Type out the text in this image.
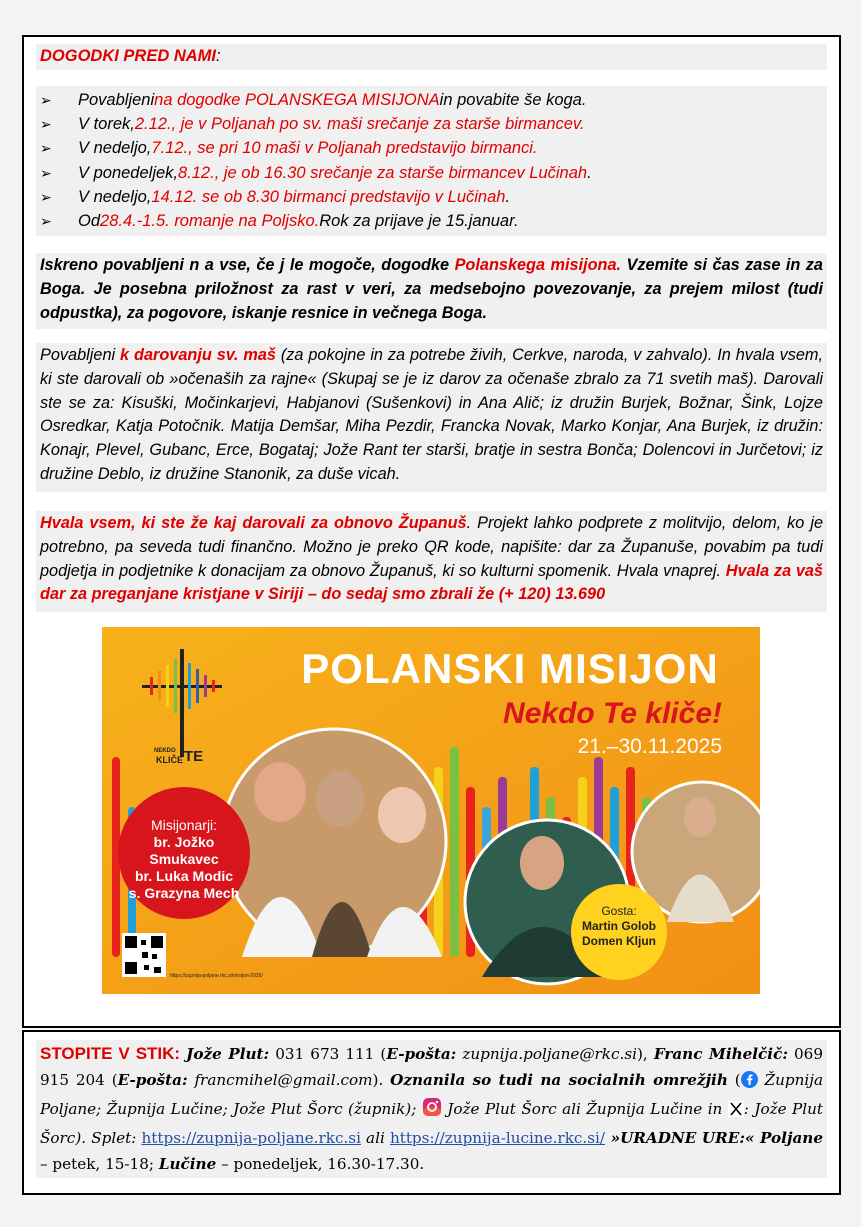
DOGODKI PRED NAMI:
➢	Povabljeni na dogodke POLANSKEGA MISIJONA in povabite še koga.
➢	V torek, 2.12., je v Poljanah po sv. maši srečanje za starše birmancev.
➢	V nedeljo, 7.12., se pri 10 maši v Poljanah predstavijo birmanci.
➢	V ponedeljek, 8.12., je ob 16.30 srečanje za starše birmancev Lučinah .
➢	V nedeljo, 14.12. se ob 8.30 birmanci predstavijo v Lučinah .
➢	Od 28.4.-1.5. romanje na Poljsko. Rok za prijave je 15.januar.
Iskreno povabljeni n a vse, če j le mogoče, dogodke Polanskega misijona. Vzemite si čas zase in za Boga. Je posebna priložnost za rast v veri, za medsebojno povezovanje, za prejem milost (tudi odpustka), za pogovore, iskanje resnice in večnega Boga.
Povabljeni k darovanju sv. maš (za pokojne in za potrebe živih, Cerkve, naroda, v zahvalo). In hvala vsem, ki ste darovali ob »očenaših za rajne« (Skupaj se je iz darov za očenaše zbralo za 71 svetih maš). Darovali ste se za: Kisuški, Močinkarjevi, Habjanovi (Sušenkovi) in Ana Alič; iz družin Burjek, Božnar, Šink, Lojze Osredkar, Katja Potočnik. Matija Demšar, Miha Pezdir, Francka Novak, Marko Konjar, Ana Burjek, iz družin: Konajr, Plevel, Gubanc, Erce, Bogataj; Jože Rant ter starši, bratje in sestra Bonča; Dolencovi in Jurčetovi; iz družine Deblo, iz družine Stanonik, za duše vicah.
Hvala vsem, ki ste že kaj darovali za obnovo Županuš. Projekt lahko podprete z molitvijo, delom, ko je potrebno, pa seveda tudi finančno. Možno je preko QR kode, napišite: dar za Županuše, povabim pa tudi podjetja in podjetnike k donacijam za obnovo Županuš, ki so kulturni spomenik. Hvala vnaprej. Hvala za vaš dar za preganjane kristjane v Siriji – do sedaj smo zbrali že (+ 120) 13.690
POLANSKI MISIJON
Nekdo Te kliče!
21.–30.11.2025
NEKDO
KLIČE TE
Misijonarji:
br. Jožko Smukavec
br. Luka Modic
s. Grazyna Mech
Gosta:
Martin Golob
Domen Kljun
https://zupnija-poljane.rkc.si/misijon-2025/
STOPITE V STIK: Jože Plut: 031 673 111 (E-pošta: zupnija.poljane@rkc.si), Franc Mihelčič: 069 915 204 (E-pošta: francmihel@gmail.com). Oznanila so tudi na socialnih omrežjih ( Župnija Poljane; Župnija Lučine; Jože Plut Šorc (župnik);  Jože Plut Šorc ali Župnija Lučine in : Jože Plut Šorc). Splet: https://zupnija-poljane.rkc.si ali https://zupnija-lucine.rkc.si/ »URADNE URE:« Poljane – petek, 15-18; Lučine – ponedeljek, 16.30-17.30.
